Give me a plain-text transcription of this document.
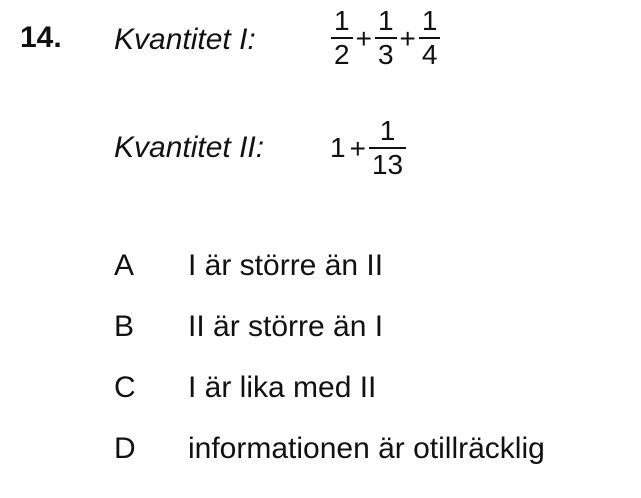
14. Kvantitet I:	$\frac{1}{2} + \frac{1}{3} + \frac{1}{4}$
Kvantitet II: $1 + \frac{1}{13}$
A	I är större än II
B	II är större än I
C	I är lika med II
D	informationen är otillräcklig
